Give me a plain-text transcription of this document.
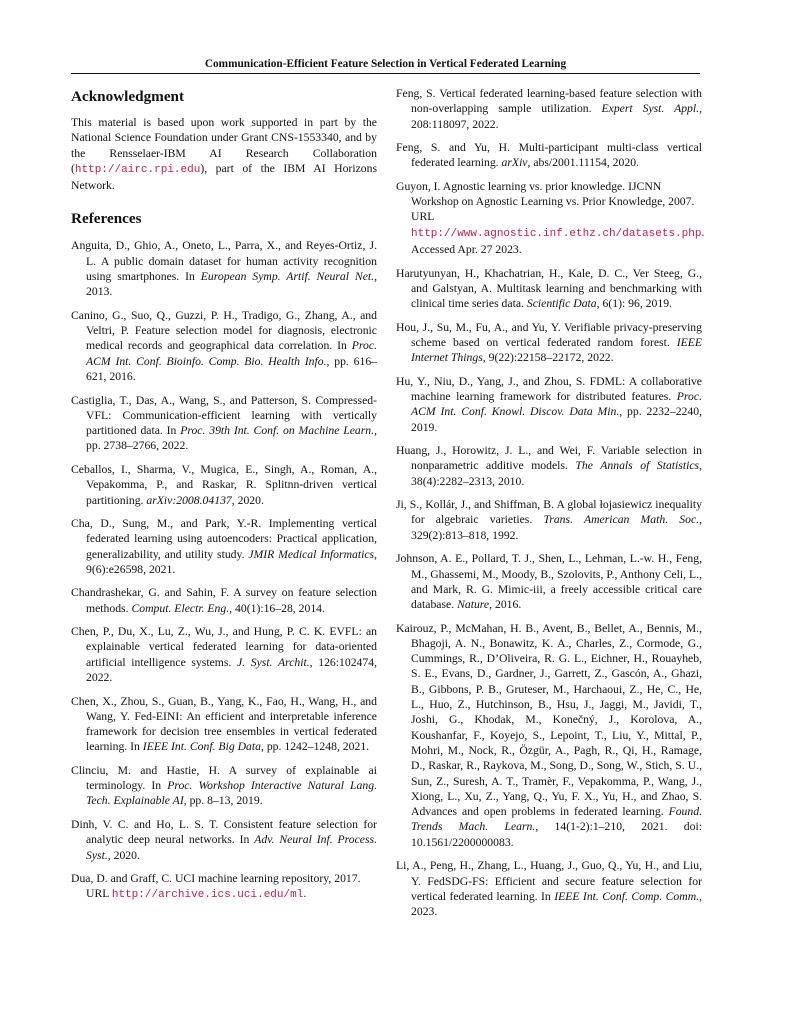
Communication-Efficient Feature Selection in Vertical Federated Learning
Acknowledgment

This material is based upon work supported in part by the National Science Foundation under Grant CNS-1553340, and by the Rensselaer-IBM AI Research Collaboration (http://airc.rpi.edu), part of the IBM AI Horizons Network.

References

Anguita, D., Ghio, A., Oneto, L., Parra, X., and Reyes-Ortiz, J. L. A public domain dataset for human activity recognition using smartphones. In European Symp. Artif. Neural Net., 2013.

Canino, G., Suo, Q., Guzzi, P. H., Tradigo, G., Zhang, A., and Veltri, P. Feature selection model for diagnosis, electronic medical records and geographical data correlation. In Proc. ACM Int. Conf. Bioinfo. Comp. Bio. Health Info., pp. 616–621, 2016.

Castiglia, T., Das, A., Wang, S., and Patterson, S. Compressed-VFL: Communication-efficient learning with vertically partitioned data. In Proc. 39th Int. Conf. on Machine Learn., pp. 2738–2766, 2022.

Ceballos, I., Sharma, V., Mugica, E., Singh, A., Roman, A., Vepakomma, P., and Raskar, R. Splitnn-driven vertical partitioning. arXiv:2008.04137, 2020.

Cha, D., Sung, M., and Park, Y.-R. Implementing vertical federated learning using autoencoders: Practical application, generalizability, and utility study. JMIR Medical Informatics, 9(6):e26598, 2021.

Chandrashekar, G. and Sahin, F. A survey on feature selection methods. Comput. Electr. Eng., 40(1):16–28, 2014.

Chen, P., Du, X., Lu, Z., Wu, J., and Hung, P. C. K. EVFL: an explainable vertical federated learning for data-oriented artificial intelligence systems. J. Syst. Archit., 126:102474, 2022.

Chen, X., Zhou, S., Guan, B., Yang, K., Fao, H., Wang, H., and Wang, Y. Fed-EINI: An efficient and interpretable inference framework for decision tree ensembles in vertical federated learning. In IEEE Int. Conf. Big Data, pp. 1242–1248, 2021.

Clinciu, M. and Hastie, H. A survey of explainable ai terminology. In Proc. Workshop Interactive Natural Lang. Tech. Explainable AI, pp. 8–13, 2019.

Dinh, V. C. and Ho, L. S. T. Consistent feature selection for analytic deep neural networks. In Adv. Neural Inf. Process. Syst., 2020.

Dua, D. and Graff, C. UCI machine learning repository, 2017. URL http://archive.ics.uci.edu/ml.

Feng, S. Vertical federated learning-based feature selection with non-overlapping sample utilization. Expert Syst. Appl., 208:118097, 2022.

Feng, S. and Yu, H. Multi-participant multi-class vertical federated learning. arXiv, abs/2001.11154, 2020.

Guyon, I. Agnostic learning vs. prior knowledge. IJCNN Workshop on Agnostic Learning vs. Prior Knowledge, 2007. URL http://www.agnostic.inf.ethz.ch/datasets.php. Accessed Apr. 27 2023.

Harutyunyan, H., Khachatrian, H., Kale, D. C., Ver Steeg, G., and Galstyan, A. Multitask learning and benchmarking with clinical time series data. Scientific Data, 6(1): 96, 2019.

Hou, J., Su, M., Fu, A., and Yu, Y. Verifiable privacy-preserving scheme based on vertical federated random forest. IEEE Internet Things, 9(22):22158–22172, 2022.

Hu, Y., Niu, D., Yang, J., and Zhou, S. FDML: A collaborative machine learning framework for distributed features. Proc. ACM Int. Conf. Knowl. Discov. Data Min., pp. 2232–2240, 2019.

Huang, J., Horowitz, J. L., and Wei, F. Variable selection in nonparametric additive models. The Annals of Statistics, 38(4):2282–2313, 2010.

Ji, S., Kollár, J., and Shiffman, B. A global łojasiewicz inequality for algebraic varieties. Trans. American Math. Soc., 329(2):813–818, 1992.

Johnson, A. E., Pollard, T. J., Shen, L., Lehman, L.-w. H., Feng, M., Ghassemi, M., Moody, B., Szolovits, P., Anthony Celi, L., and Mark, R. G. Mimic-iii, a freely accessible critical care database. Nature, 2016.

Kairouz, P., McMahan, H. B., Avent, B., Bellet, A., Bennis, M., Bhagoji, A. N., Bonawitz, K. A., Charles, Z., Cormode, G., Cummings, R., D’Oliveira, R. G. L., Eichner, H., Rouayheb, S. E., Evans, D., Gardner, J., Garrett, Z., Gascón, A., Ghazi, B., Gibbons, P. B., Gruteser, M., Harchaoui, Z., He, C., He, L., Huo, Z., Hutchinson, B., Hsu, J., Jaggi, M., Javidi, T., Joshi, G., Khodak, M., Konečný, J., Korolova, A., Koushanfar, F., Koyejo, S., Lepoint, T., Liu, Y., Mittal, P., Mohri, M., Nock, R., Özgür, A., Pagh, R., Qi, H., Ramage, D., Raskar, R., Raykova, M., Song, D., Song, W., Stich, S. U., Sun, Z., Suresh, A. T., Tramèr, F., Vepakomma, P., Wang, J., Xiong, L., Xu, Z., Yang, Q., Yu, F. X., Yu, H., and Zhao, S. Advances and open problems in federated learning. Found. Trends Mach. Learn., 14(1-2):1–210, 2021. doi: 10.1561/2200000083.

Li, A., Peng, H., Zhang, L., Huang, J., Guo, Q., Yu, H., and Liu, Y. FedSDG-FS: Efficient and secure feature selection for vertical federated learning. In IEEE Int. Conf. Comp. Comm., 2023.
